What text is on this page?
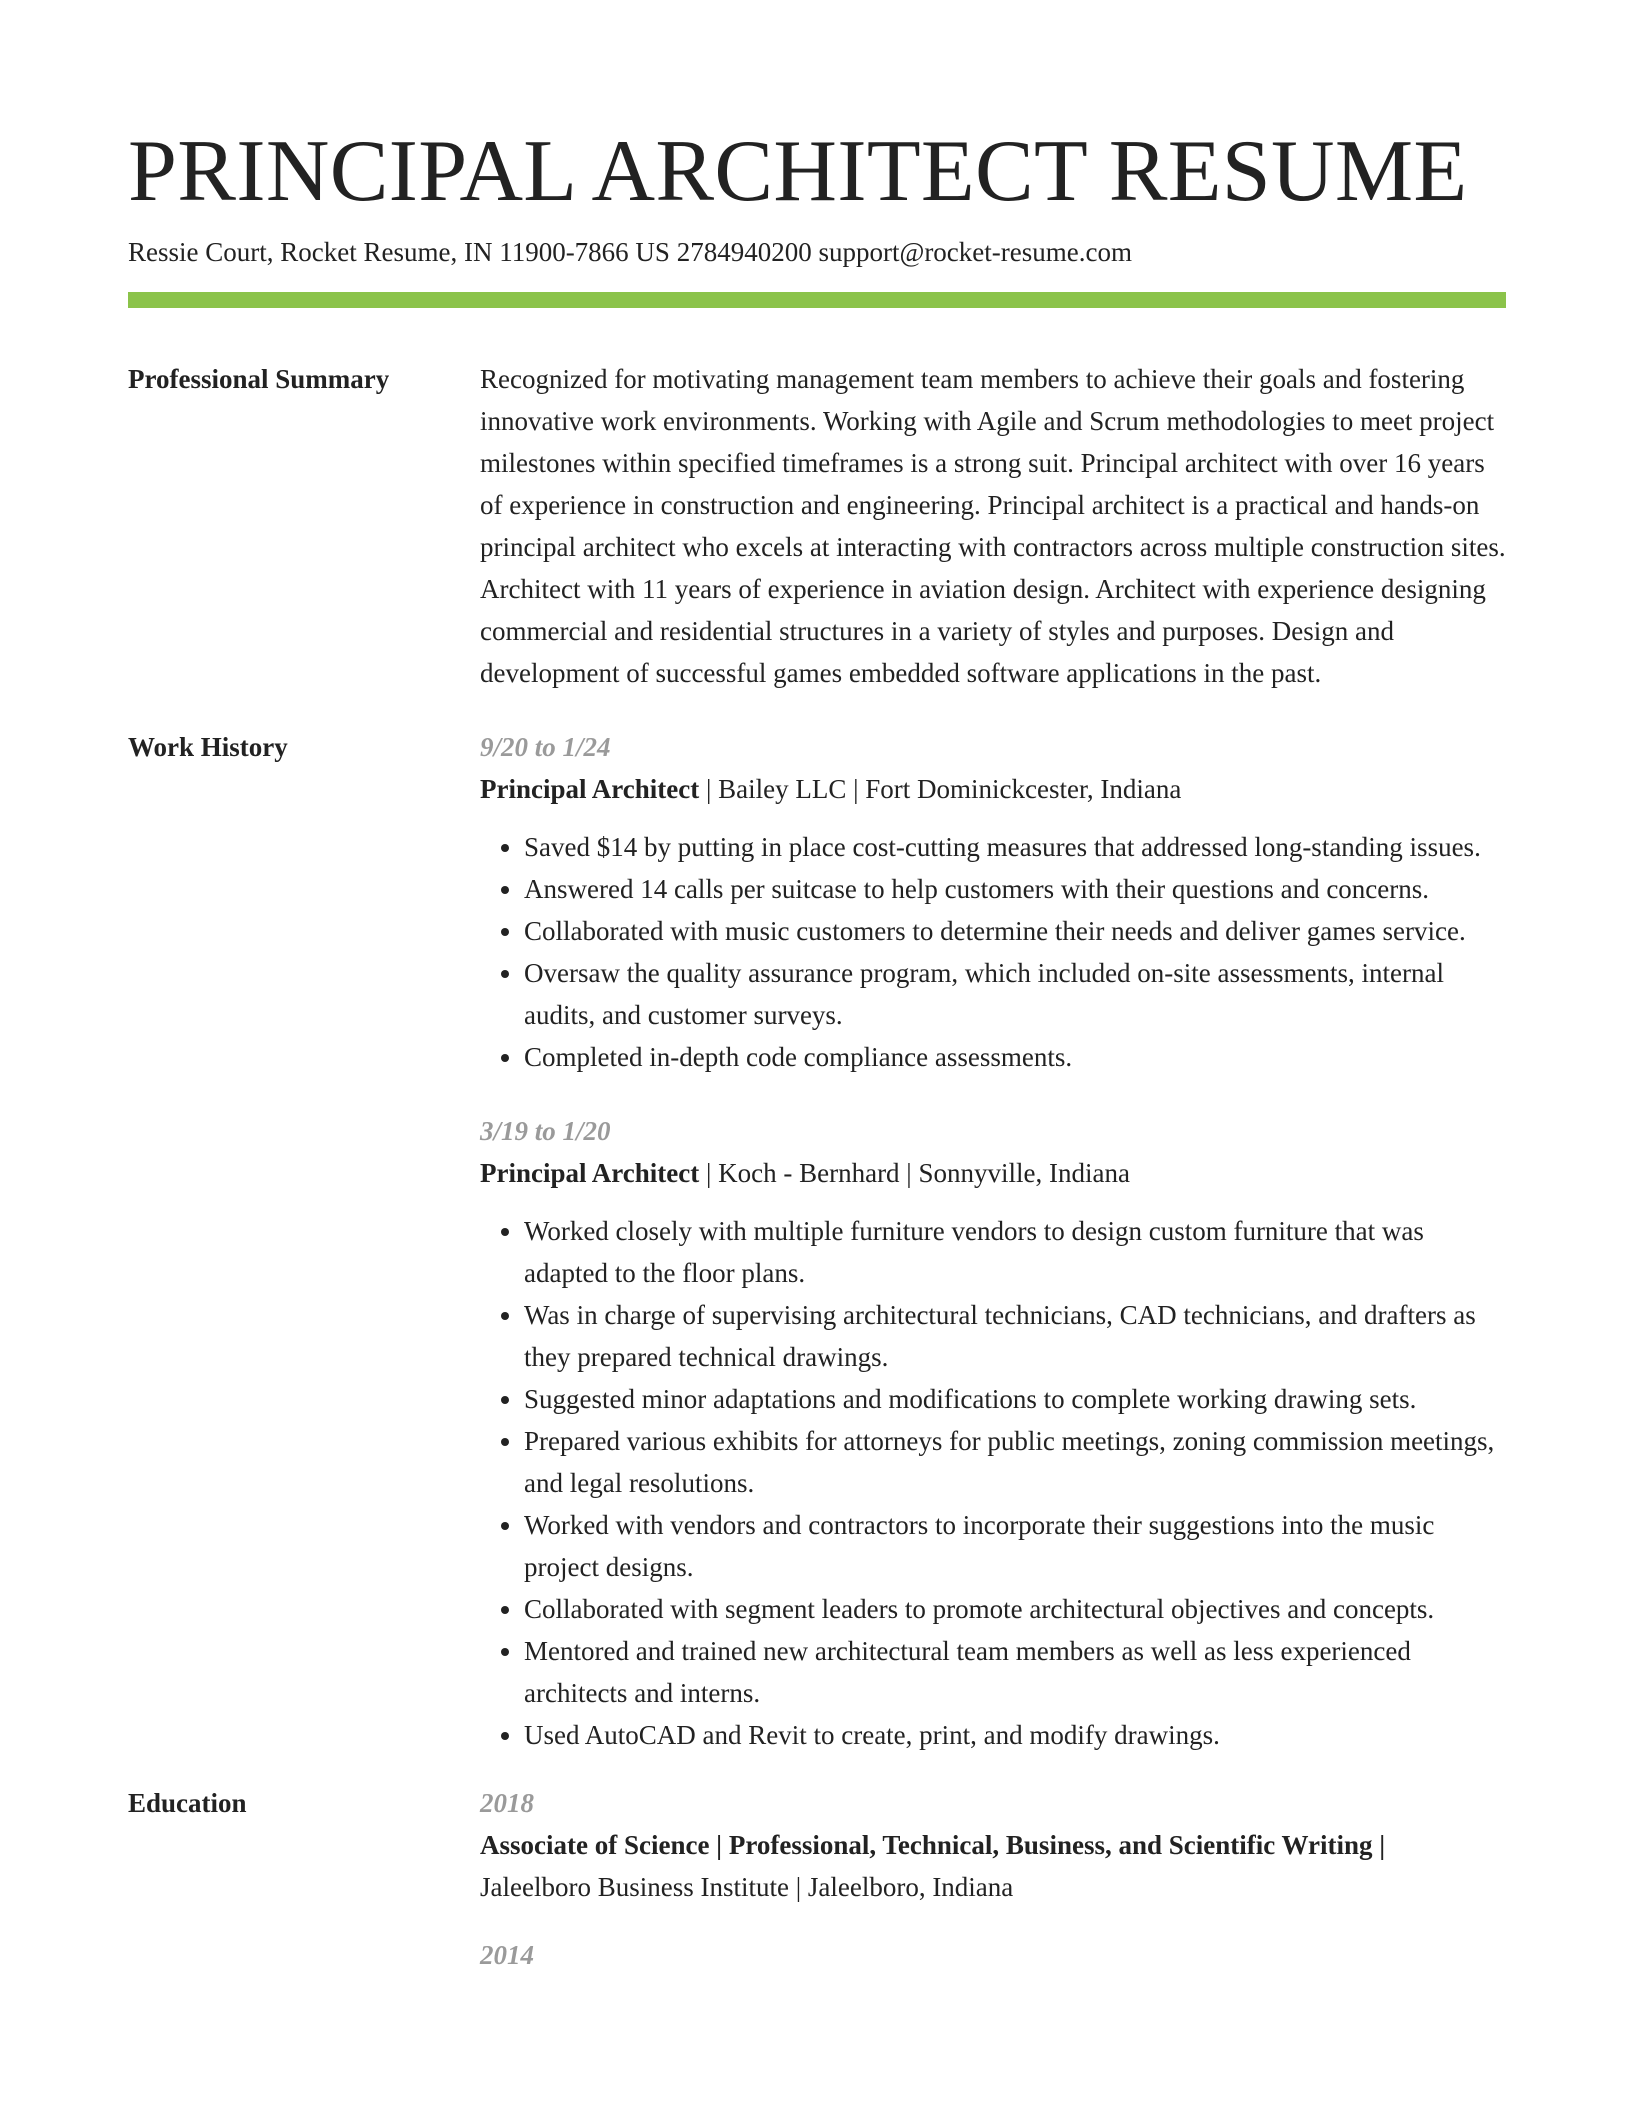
PRINCIPAL ARCHITECT RESUME
Ressie Court, Rocket Resume, IN 11900-7866 US 2784940200 support@rocket-resume.com
Professional Summary	Recognized for motivating management team members to achieve their goals and fostering innovative work environments. Working with Agile and Scrum methodologies to meet project milestones within specified timeframes is a strong suit. Principal architect with over 16 years of experience in construction and engineering. Principal architect is a practical and hands-on principal architect who excels at interacting with contractors across multiple construction sites. Architect with 11 years of experience in aviation design. Architect with experience designing commercial and residential structures in a variety of styles and purposes. Design and development of successful games embedded software applications in the past.

Work History	9/20 to 1/24
Principal Architect | Bailey LLC | Fort Dominickcester, Indiana
• Saved $14 by putting in place cost-cutting measures that addressed long-standing issues.
• Answered 14 calls per suitcase to help customers with their questions and concerns.
• Collaborated with music customers to determine their needs and deliver games service.
• Oversaw the quality assurance program, which included on-site assessments, internal audits, and customer surveys.
• Completed in-depth code compliance assessments.
3/19 to 1/20
Principal Architect | Koch - Bernhard | Sonnyville, Indiana
• Worked closely with multiple furniture vendors to design custom furniture that was adapted to the floor plans.
• Was in charge of supervising architectural technicians, CAD technicians, and drafters as they prepared technical drawings.
• Suggested minor adaptations and modifications to complete working drawing sets.
• Prepared various exhibits for attorneys for public meetings, zoning commission meetings, and legal resolutions.
• Worked with vendors and contractors to incorporate their suggestions into the music project designs.
• Collaborated with segment leaders to promote architectural objectives and concepts.
• Mentored and trained new architectural team members as well as less experienced architects and interns.
• Used AutoCAD and Revit to create, print, and modify drawings.
Education	2018
Associate of Science | Professional, Technical, Business, and Scientific Writing |
Jaleelboro Business Institute | Jaleelboro, Indiana
2014
